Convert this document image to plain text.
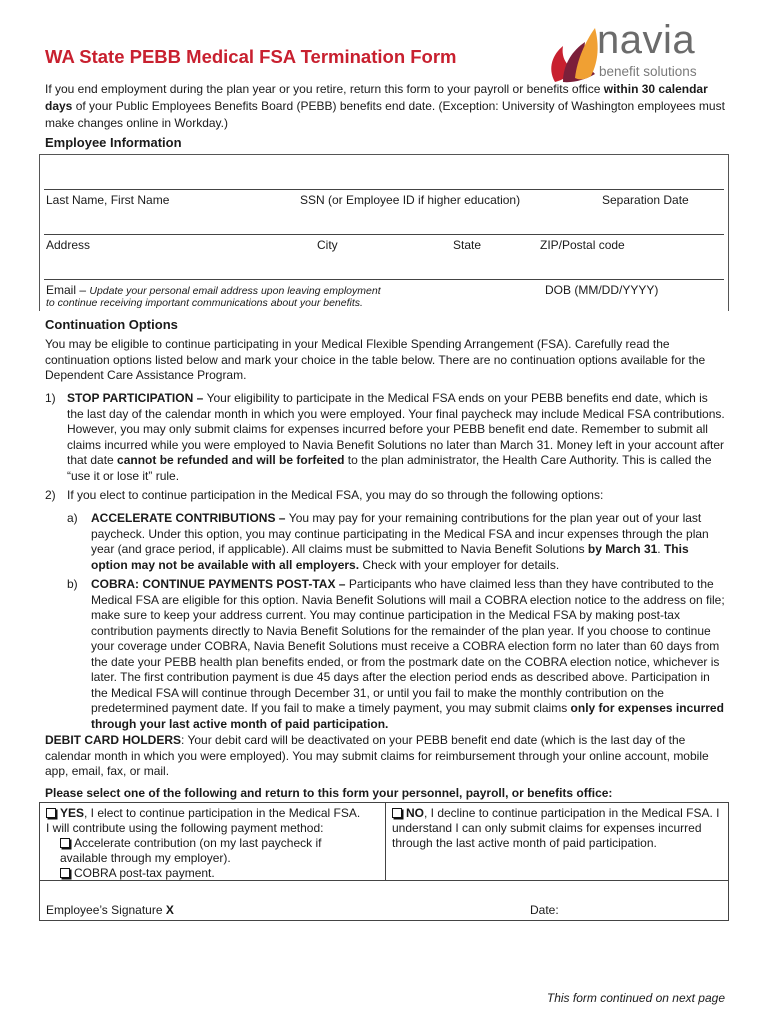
WA State PEBB Medical FSA Termination Form	navia
benefit solutions
If you end employment during the plan year or you retire, return this form to your payroll or benefits office within 30 calendar days of your Public Employees Benefits Board (PEBB) benefits end date. (Exception: University of Washington employees must make changes online in Workday.)
Employee Information
Last Name, First Name	SSN (or Employee ID if higher education)	Separation Date
Address	City	State	ZIP/Postal code
Email – Update your personal email address upon leaving employment
to continue receiving important communications about your benefits.
DOB (MM/DD/YYYY)
Continuation Options
You may be eligible to continue participating in your Medical Flexible Spending Arrangement (FSA). Carefully read the continuation options listed below and mark your choice in the table below. There are no continuation options available for the Dependent Care Assistance Program.
1) STOP PARTICIPATION – Your eligibility to participate in the Medical FSA ends on your PEBB benefits end date, which is the last day of the calendar month in which you were employed. Your final paycheck may include Medical FSA contributions. However, you may only submit claims for expenses incurred before your PEBB benefit end date. Remember to submit all claims incurred while you were employed to Navia Benefit Solutions no later than March 31. Money left in your account after that date cannot be refunded and will be forfeited to the plan administrator, the Health Care Authority. This is called the “use it or lose it” rule.
2) If you elect to continue participation in the Medical FSA, you may do so through the following options:
a) ACCELERATE CONTRIBUTIONS – You may pay for your remaining contributions for the plan year out of your last paycheck. Under this option, you may continue participating in the Medical FSA and incur expenses through the plan year (and grace period, if applicable). All claims must be submitted to Navia Benefit Solutions by March 31. This option may not be available with all employers. Check with your employer for details.
b) COBRA: CONTINUE PAYMENTS POST-TAX – Participants who have claimed less than they have contributed to the Medical FSA are eligible for this option. Navia Benefit Solutions will mail a COBRA election notice to the address on file; make sure to keep your address current. You may continue participation in the Medical FSA by making post-tax contribution payments directly to Navia Benefit Solutions for the remainder of the plan year. If you choose to continue your coverage under COBRA, Navia Benefit Solutions must receive a COBRA election form no later than 60 days from the date your PEBB health plan benefits ended, or from the postmark date on the COBRA election notice, whichever is later. The first contribution payment is due 45 days after the election period ends as described above. Participation in the Medical FSA will continue through December 31, or until you fail to make the monthly contribution on the predetermined payment date. If you fail to make a timely payment, you may submit claims only for expenses incurred through your last active month of paid participation.
DEBIT CARD HOLDERS: Your debit card will be deactivated on your PEBB benefit end date (which is the last day of the calendar month in which you were employed). You may submit claims for reimbursement through your online account, mobile app, email, fax, or mail.
Please select one of the following and return to this form your personnel, payroll, or benefits office:
YES, I elect to continue participation in the Medical FSA.
I will contribute using the following payment method:
Accelerate contribution (on my last paycheck if available through my employer).
COBRA post-tax payment.
NO, I decline to continue participation in the Medical FSA. I understand I can only submit claims for expenses incurred through the last active month of paid participation.
Employee’s Signature X	Date:
This form continued on next page
